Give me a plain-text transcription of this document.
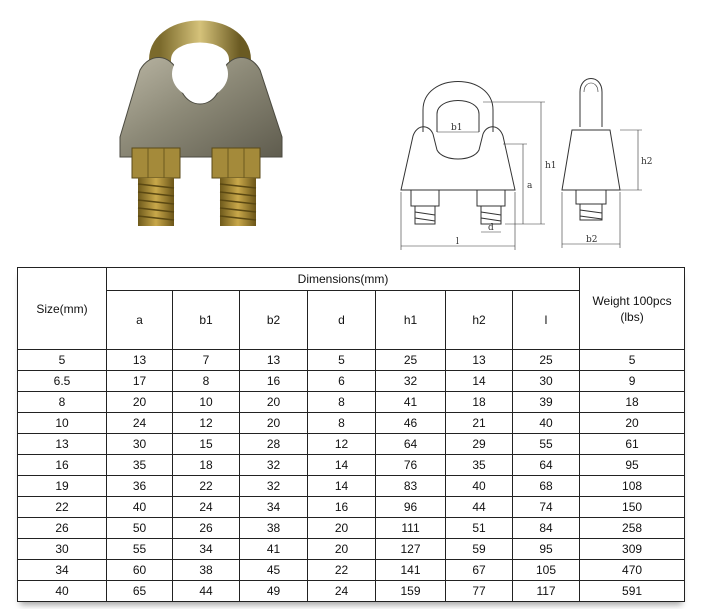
b1
a
h1
d
l
h2
b2
Size(mm)	Dimensions(mm)							Weight 100pcs
(lbs)
	a	b1	b2	d	h1	h2	l	
5	13	7	13	5	25	13	25	5
6.5	17	8	16	6	32	14	30	9
8	20	10	20	8	41	18	39	18
10	24	12	20	8	46	21	40	20
13	30	15	28	12	64	29	55	61
16	35	18	32	14	76	35	64	95
19	36	22	32	14	83	40	68	108
22	40	24	34	16	96	44	74	150
26	50	26	38	20	111	51	84	258
30	55	34	41	20	127	59	95	309
34	60	38	45	22	141	67	105	470
40	65	44	49	24	159	77	117	591
